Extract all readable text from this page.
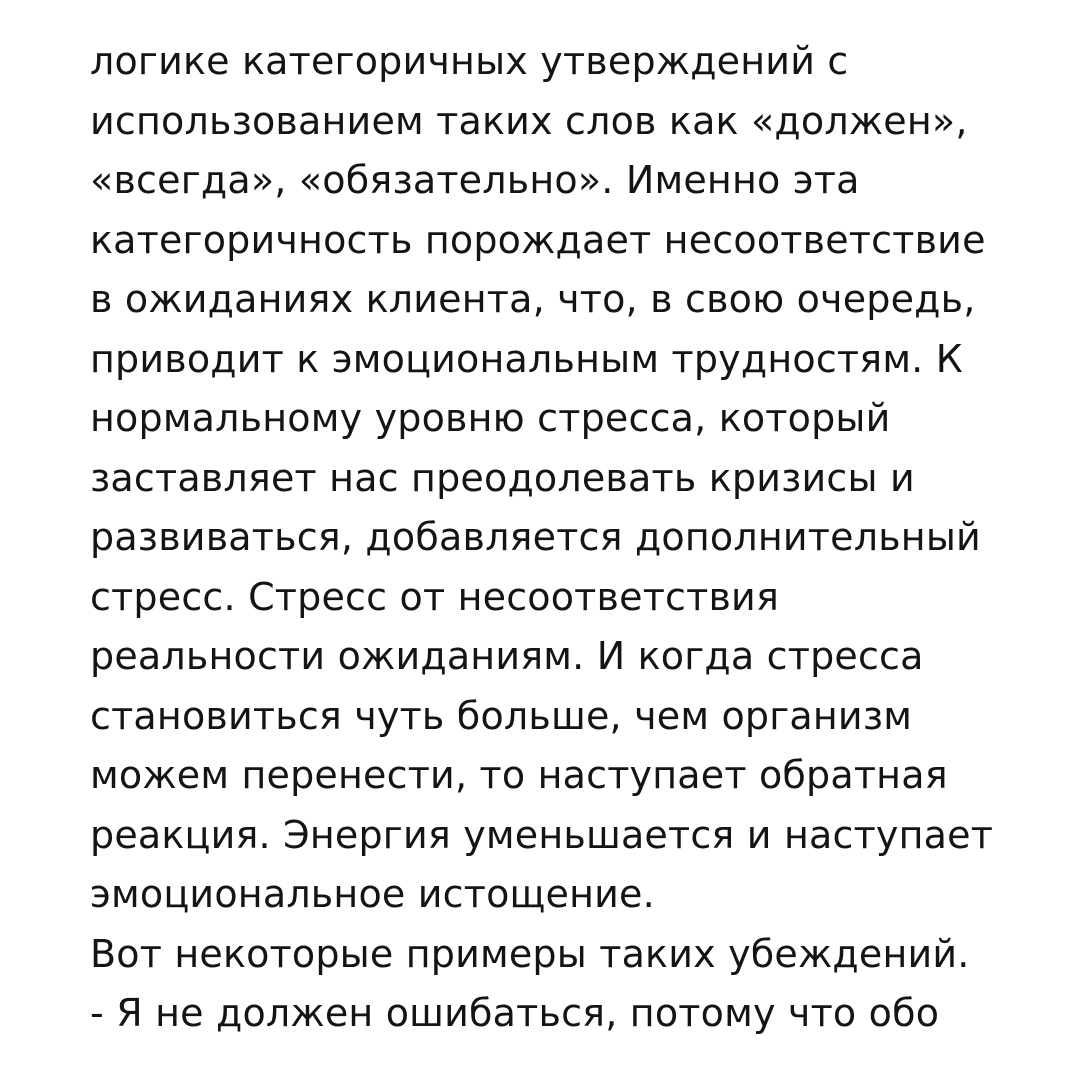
логике категоричных утверждений с
использованием таких слов как «должен»,
«всегда», «обязательно». Именно эта
категоричность порождает несоответствие
в ожиданиях клиента, что, в свою очередь,
приводит к эмоциональным трудностям. К
нормальному уровню стресса, который
заставляет нас преодолевать кризисы и
развиваться, добавляется дополнительный
стресс. Стресс от несоответствия
реальности ожиданиям. И когда стресса
становиться чуть больше, чем организм
можем перенести, то наступает обратная
реакция. Энергия уменьшается и наступает
эмоциональное истощение.
Вот некоторые примеры таких убеждений.
- Я не должен ошибаться, потому что обо
